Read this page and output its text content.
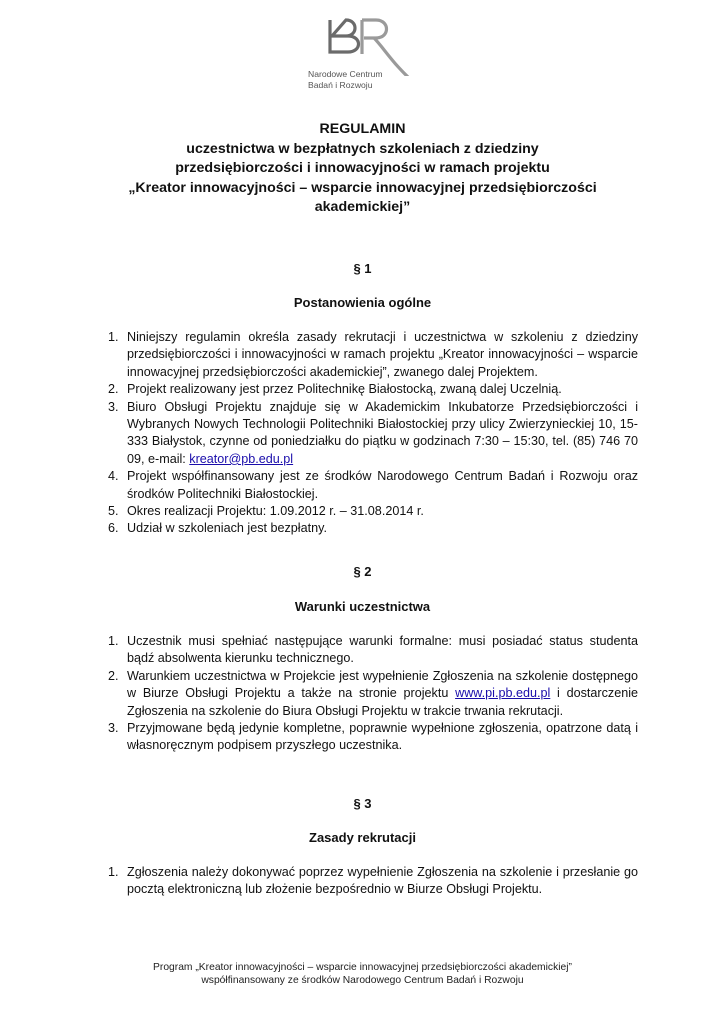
Narodowe Centrum
Badań i Rozwoju
REGULAMIN
uczestnictwa w bezpłatnych szkoleniach z dziedziny
przedsiębiorczości i innowacyjności w ramach projektu
„Kreator innowacyjności – wsparcie innowacyjnej przedsiębiorczości
akademickiej”
§ 1
Postanowienia ogólne
1. Niniejszy regulamin określa zasady rekrutacji i uczestnictwa w szkoleniu z dziedziny przedsiębiorczości i innowacyjności w ramach projektu „Kreator innowacyjności – wsparcie innowacyjnej przedsiębiorczości akademickiej”, zwanego dalej Projektem.
2. Projekt realizowany jest przez Politechnikę Białostocką, zwaną dalej Uczelnią.
3. Biuro Obsługi Projektu znajduje się w Akademickim Inkubatorze Przedsiębiorczości i Wybranych Nowych Technologii Politechniki Białostockiej przy ulicy Zwierzynieckiej 10, 15-333 Białystok, czynne od poniedziałku do piątku w godzinach 7:30 – 15:30, tel. (85) 746 70 09, e-mail: kreator@pb.edu.pl
4. Projekt współfinansowany jest ze środków Narodowego Centrum Badań i Rozwoju oraz środków Politechniki Białostockiej.
5. Okres realizacji Projektu: 1.09.2012 r. – 31.08.2014 r.
6. Udział w szkoleniach jest bezpłatny.
§ 2
Warunki uczestnictwa
1. Uczestnik musi spełniać następujące warunki formalne: musi posiadać status studenta bądź absolwenta kierunku technicznego.
2. Warunkiem uczestnictwa w Projekcie jest wypełnienie Zgłoszenia na szkolenie dostępnego w Biurze Obsługi Projektu a także na stronie projektu www.pi.pb.edu.pl i dostarczenie Zgłoszenia na szkolenie do Biura Obsługi Projektu w trakcie trwania rekrutacji.
3. Przyjmowane będą jedynie kompletne, poprawnie wypełnione zgłoszenia, opatrzone datą i własnoręcznym podpisem przyszłego uczestnika.
§ 3
Zasady rekrutacji
1. Zgłoszenia należy dokonywać poprzez wypełnienie Zgłoszenia na szkolenie i przesłanie go pocztą elektroniczną lub złożenie bezpośrednio w Biurze Obsługi Projektu.
Program „Kreator innowacyjności – wsparcie innowacyjnej przedsiębiorczości akademickiej”
współfinansowany ze środków Narodowego Centrum Badań i Rozwoju
